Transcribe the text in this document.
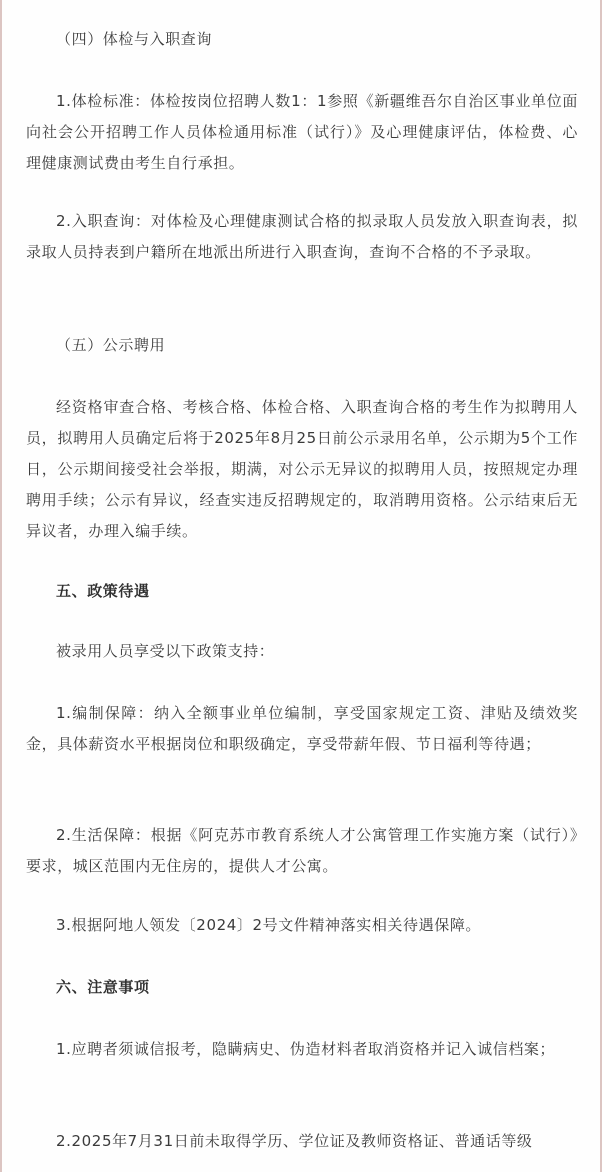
（四）体检与入职查询

1.体检标准：体检按岗位招聘人数1：1参照《新疆维吾尔自治区事业单位面向社会公开招聘工作人员体检通用标准（试行）》及心理健康评估，体检费、心理健康测试费由考生自行承担。

2.入职查询：对体检及心理健康测试合格的拟录取人员发放入职查询表，拟录取人员持表到户籍所在地派出所进行入职查询，查询不合格的不予录取。

（五）公示聘用

经资格审查合格、考核合格、体检合格、入职查询合格的考生作为拟聘用人员，拟聘用人员确定后将于2025年8月25日前公示录用名单，公示期为5个工作日，公示期间接受社会举报，期满，对公示无异议的拟聘用人员，按照规定办理聘用手续；公示有异议，经查实违反招聘规定的，取消聘用资格。公示结束后无异议者，办理入编手续。

五、政策待遇

被录用人员享受以下政策支持：

1.编制保障：纳入全额事业单位编制，享受国家规定工资、津贴及绩效奖金，具体薪资水平根据岗位和职级确定，享受带薪年假、节日福利等待遇；

2.生活保障：根据《阿克苏市教育系统人才公寓管理工作实施方案（试行）》要求，城区范围内无住房的，提供人才公寓。

3.根据阿地人领发〔2024〕2号文件精神落实相关待遇保障。

六、注意事项

1.应聘者须诚信报考，隐瞒病史、伪造材料者取消资格并记入诚信档案；

2.2025年7月31日前未取得学历、学位证及教师资格证、普通话等级
